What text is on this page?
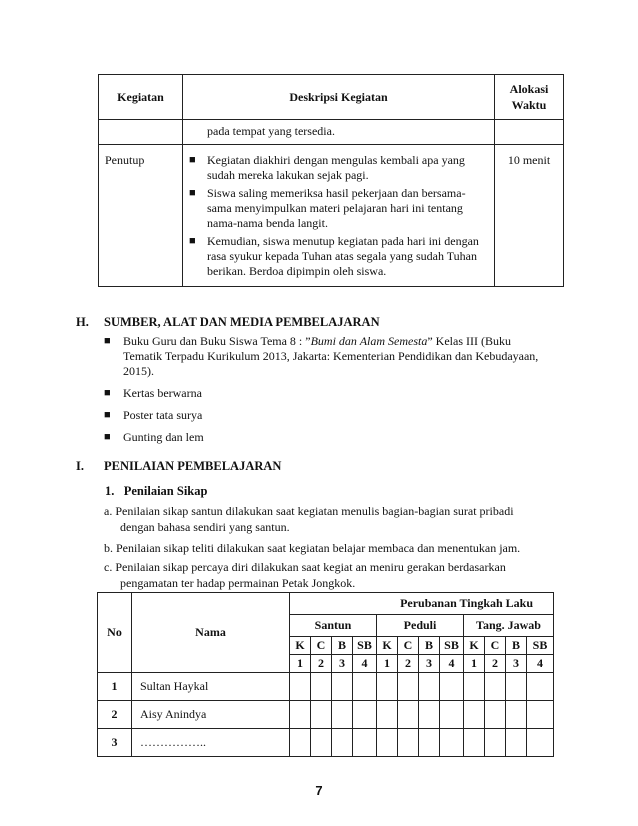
Kegiatan	Deskripsi Kegiatan	Alokasi Waktu
	pada tempat yang tersedia.	
Penutup	■ Kegiatan diakhiri dengan mengulas kembali apa yang sudah mereka lakukan sejak pagi.
■ Siswa saling memeriksa hasil pekerjaan dan bersama-sama menyimpulkan materi pelajaran hari ini tentang nama-nama benda langit.
■ Kemudian, siswa menutup kegiatan pada hari ini dengan rasa syukur kepada Tuhan atas segala yang sudah Tuhan berikan. Berdoa dipimpin oleh siswa.	10 menit
H. SUMBER, ALAT DAN MEDIA PEMBELAJARAN
■ Buku Guru dan Buku Siswa Tema 8 : ”Bumi dan Alam Semesta” Kelas III (Buku Tematik Terpadu Kurikulum 2013, Jakarta: Kementerian Pendidikan dan Kebudayaan, 2015).
■ Kertas berwarna
■ Poster tata surya
■ Gunting dan lem
I. PENILAIAN PEMBELAJARAN
1. Penilaian Sikap
a. Penilaian sikap santun dilakukan saat kegiatan menulis bagian-bagian surat pribadi dengan bahasa sendiri yang santun.
b. Penilaian sikap teliti dilakukan saat kegiatan belajar membaca dan menentukan jam.
c. Penilaian sikap percaya diri dilakukan saat kegiat an meniru gerakan berdasarkan pengamatan ter hadap permainan Petak Jongkok.
No	Nama	Perubanan Tingkah Laku											
		Santun				Peduli				Tang. Jawab			
		K	C	B	SB	K	C	B	SB	K	C	B	SB
		1	2	3	4	1	2	3	4	1	2	3	4
1	Sultan Haykal												
2	Aisy Anindya												
3	……………..												
7
